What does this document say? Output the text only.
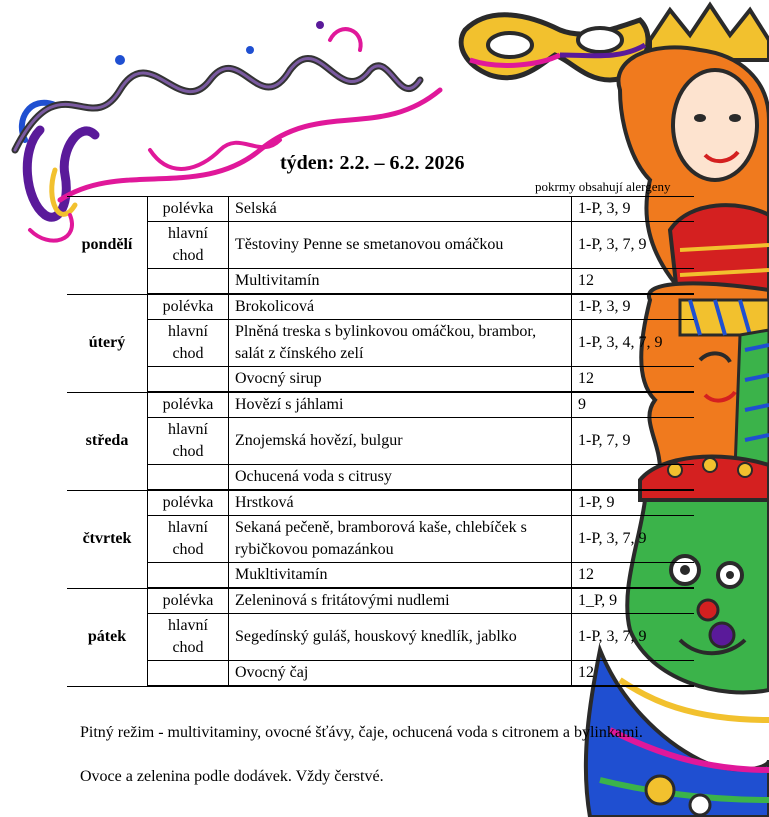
týden: 2.2. – 6.2. 2026
pokrmy obsahují alergeny
pondělí	polévka	Selská	1-P, 3, 9
	hlavní chod	Těstoviny Penne se smetanovou omáčkou	1-P, 3, 7, 9
		Multivitamín	12
úterý	polévka	Brokolicová	1-P, 3, 9
	hlavní chod	Plněná treska s bylinkovou omáčkou, brambor, salát z čínského zelí	1-P, 3, 4, 7, 9
		Ovocný sirup	12
středa	polévka	Hovězí s jáhlami	9
	hlavní chod	Znojemská hovězí, bulgur	1-P, 7, 9
		Ochucená voda s citrusy	
čtvrtek	polévka	Hrstková	1-P, 9
	hlavní chod	Sekaná pečeně, bramborová kaše, chlebíček s rybičkovou pomazánkou	1-P, 3, 7, 9
		Mukltivitamín	12
pátek	polévka	Zeleninová s fritátovými nudlemi	1_P, 9
	hlavní chod	Segedínský guláš, houskový knedlík, jablko	1-P, 3, 7, 9
		Ovocný čaj	12

Pitný režim - multivitaminy, ovocné šťávy, čaje, ochucená voda s citronem a bylinkami.

Ovoce a zelenina podle dodávek. Vždy čerstvé.
